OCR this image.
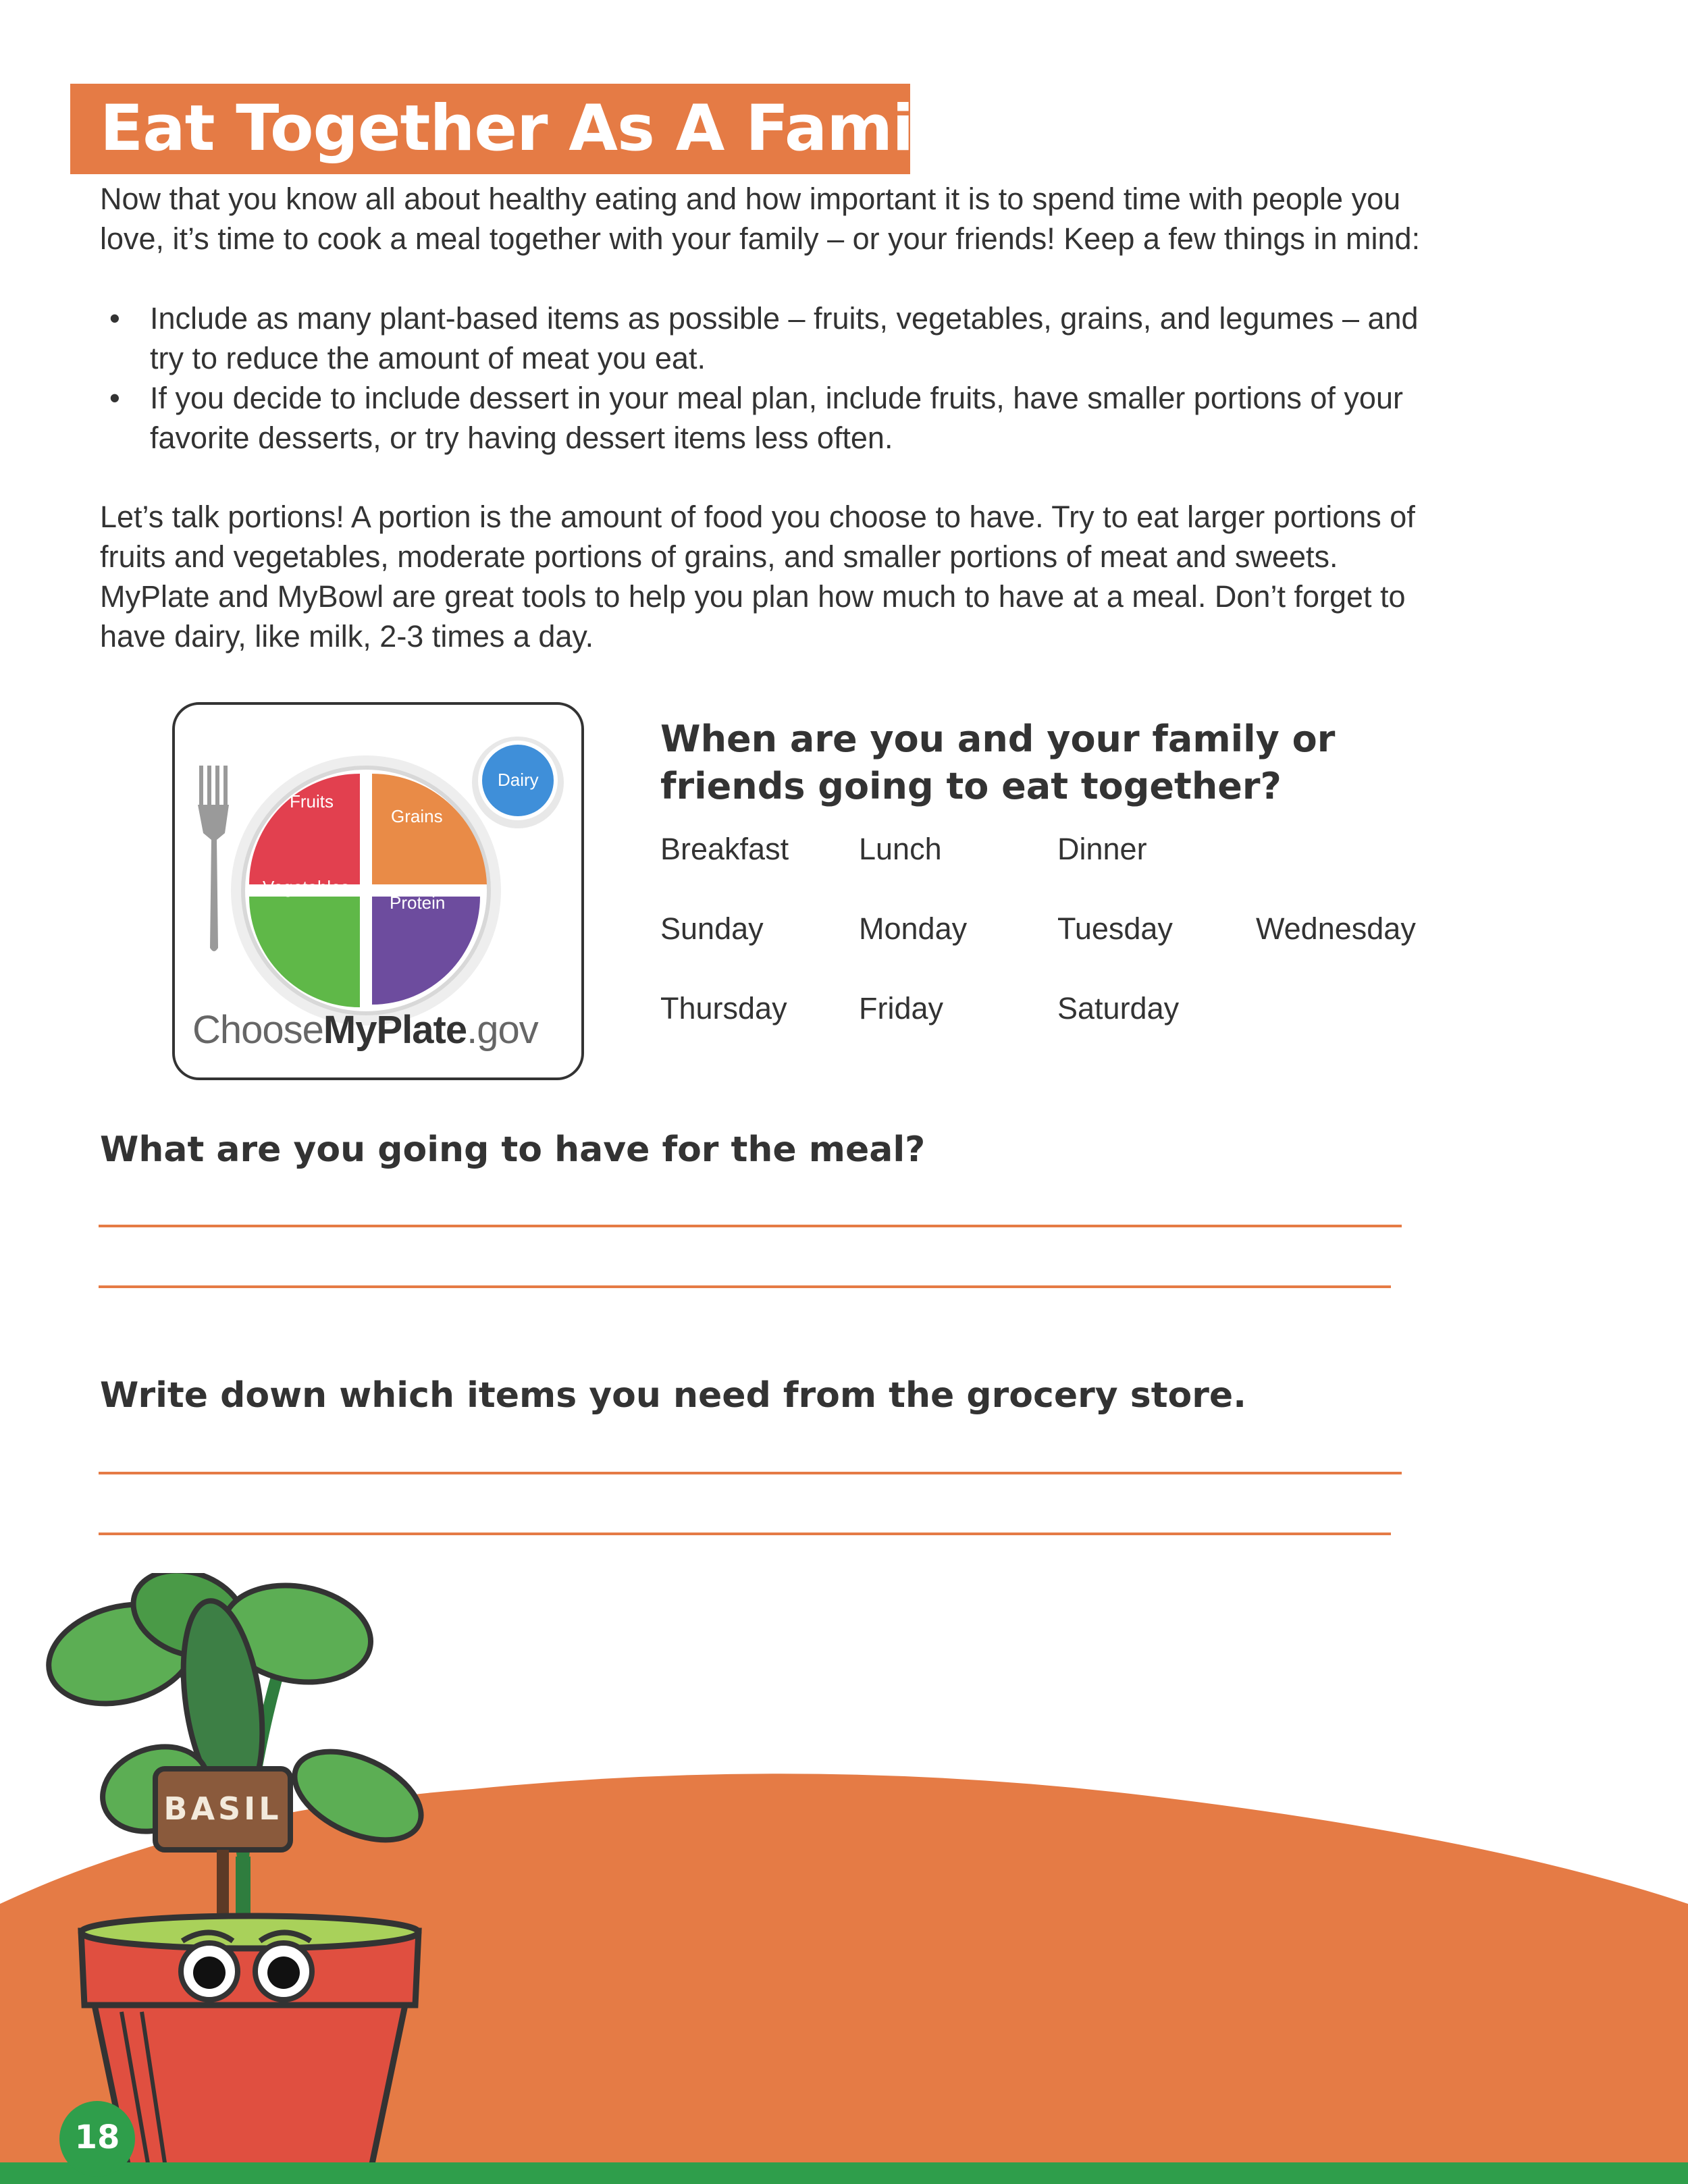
BASIL
Eat Together As A Family

Now that you know all about healthy eating and how important it is to spend time with people you love, it’s time to cook a meal together with your family – or your friends! Keep a few things in mind:

• Include as many plant-based items as possible – fruits, vegetables, grains, and legumes – and try to reduce the amount of meat you eat.
• If you decide to include dessert in your meal plan, include fruits, have smaller portions of your favorite desserts, or try having dessert items less often.

Let’s talk portions! A portion is the amount of food you choose to have. Try to eat larger portions of fruits and vegetables, moderate portions of grains, and smaller portions of meat and sweets. MyPlate and MyBowl are great tools to help you plan how much to have at a meal. Don’t forget to have dairy, like milk, 2-3 times a day.

Fruits
Grains
Vegetables
Protein
Dairy
ChooseMyPlate.gov

When are you and your family or friends going to eat together?

Breakfast Lunch	Dinner
Sunday	Monday	Tuesday	Wednesday
Thursday Friday	Saturday

What are you going to have for the meal?

Write down which items you need from the grocery store.

18
